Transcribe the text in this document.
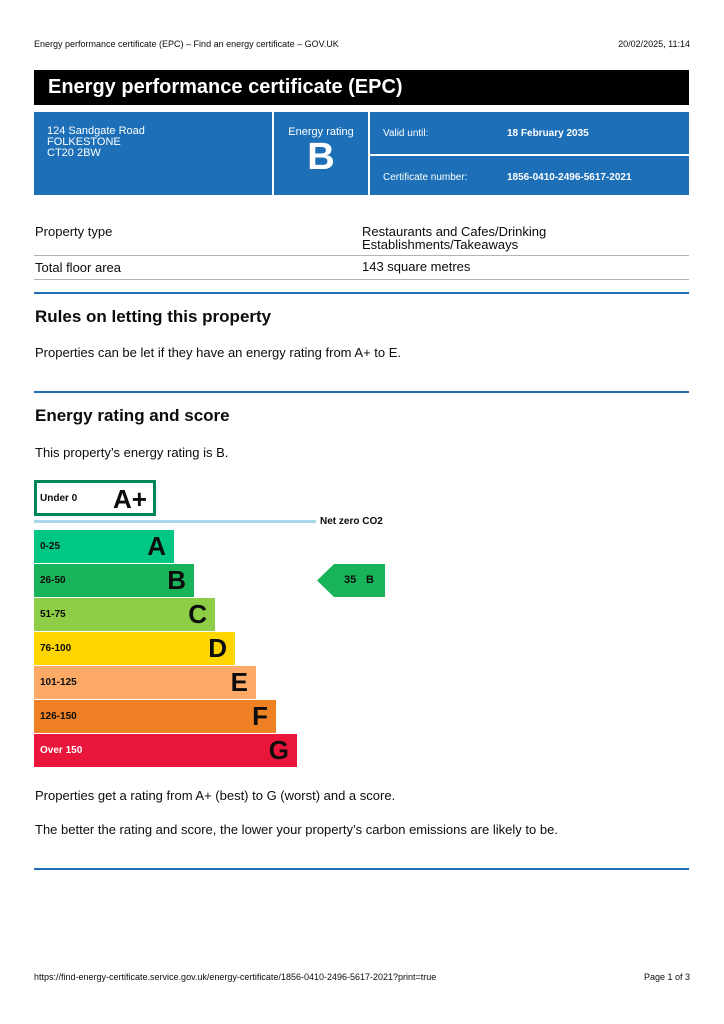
Energy performance certificate (EPC) – Find an energy certificate – GOV.UK	20/02/2025, 11:14
Energy performance certificate (EPC)
124 Sandgate Road
FOLKESTONE
CT20 2BW
Energy rating
B
Valid until:	18 February 2035
Certificate number:	1856-0410-2496-5617-2021
Property type	Restaurants and Cafes/Drinking
Establishments/Takeaways
Total floor area	143 square metres
Rules on letting this property
Properties can be let if they have an energy rating from A+ to E.
Energy rating and score
This property’s energy rating is B.
Net zero CO2
35 B
Under 0 A+
0-25	A
26-50	B
51-75	C
76-100	D
101-125	E
126-150	F
Over 150	G
Properties get a rating from A+ (best) to G (worst) and a score.
The better the rating and score, the lower your property’s carbon emissions are likely to be.
https://find-energy-certificate.service.gov.uk/energy-certificate/1856-0410-2496-5617-2021?print=true	Page 1 of 3
